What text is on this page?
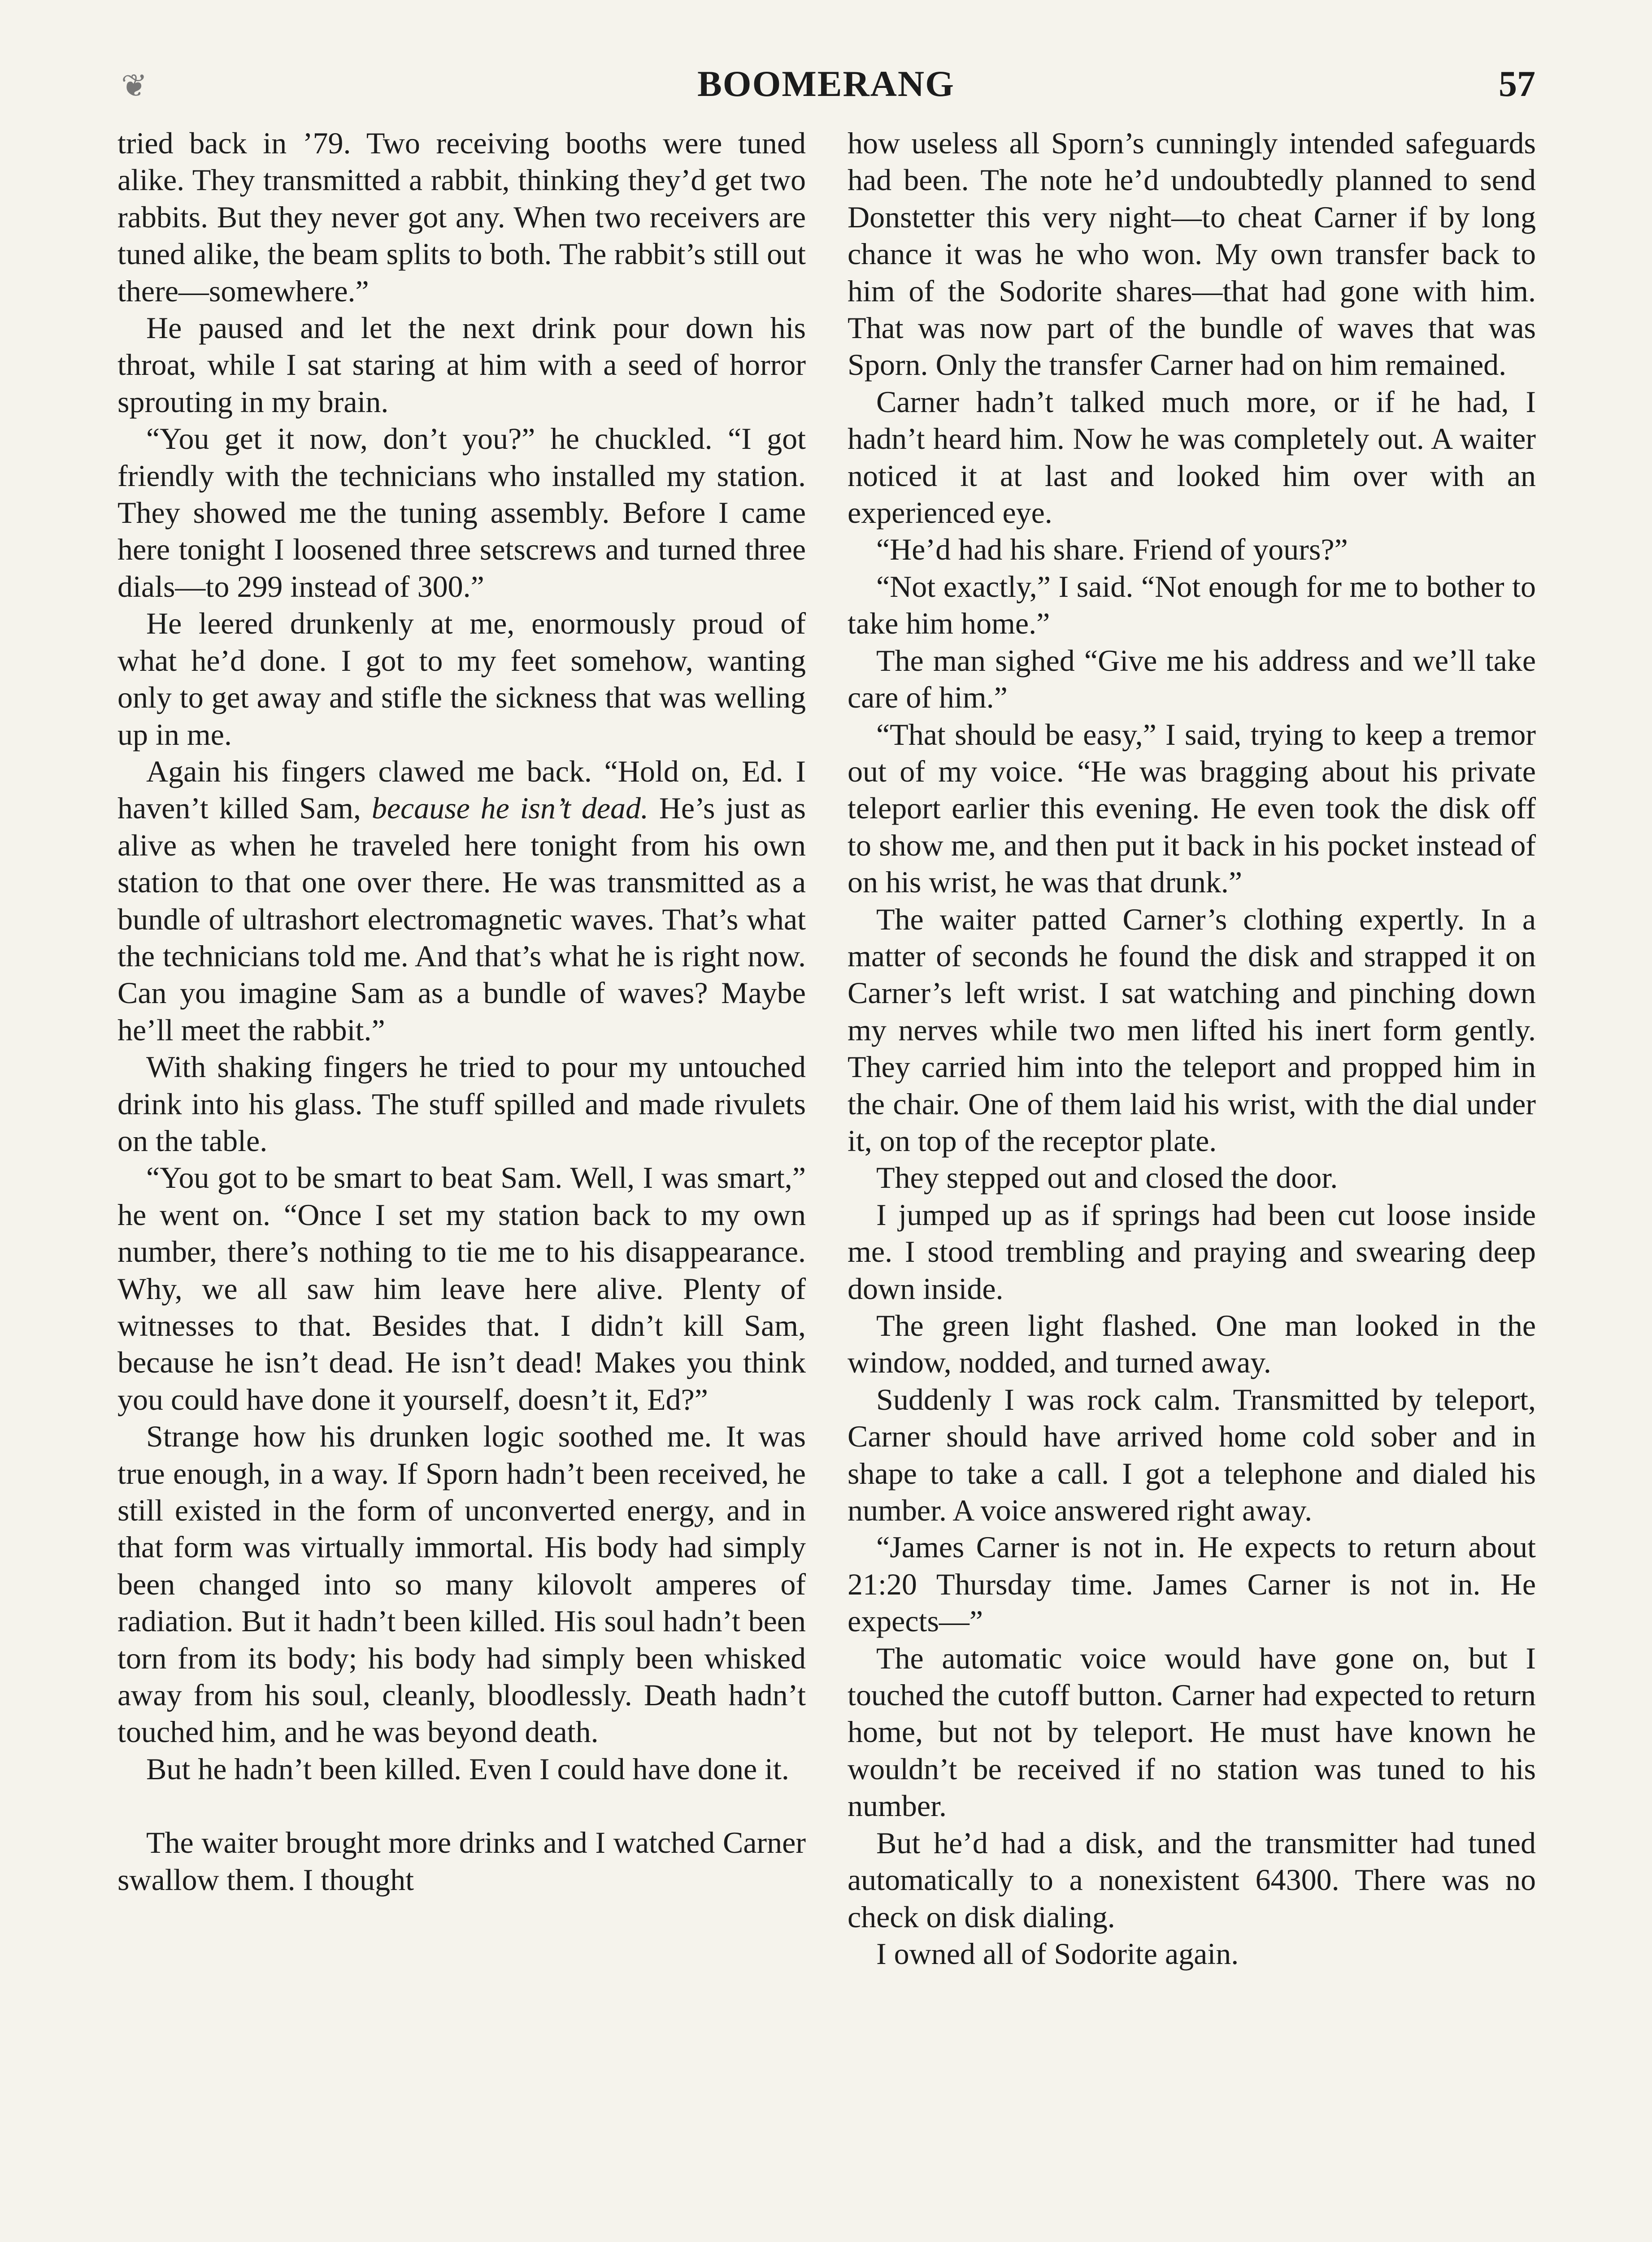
❦	BOOMERANG	57

tried back in ’79. Two receiving booths were tuned alike. They transmitted a rabbit, thinking they’d get two rabbits. But they never got any. When two receivers are tuned alike, the beam splits to both. The rabbit’s still out there—somewhere.”

He paused and let the next drink pour down his throat, while I sat staring at him with a seed of horror sprouting in my brain.

“You get it now, don’t you?” he chuckled. “I got friendly with the technicians who installed my station. They showed me the tuning assembly. Before I came here tonight I loosened three setscrews and turned three dials—to 299 instead of 300.”

He leered drunkenly at me, enormously proud of what he’d done. I got to my feet somehow, wanting only to get away and stifle the sickness that was welling up in me.

Again his fingers clawed me back. “Hold on, Ed. I haven’t killed Sam, because he isn’t dead. He’s just as alive as when he traveled here tonight from his own station to that one over there. He was transmitted as a bundle of ultrashort electromagnetic waves. That’s what the technicians told me. And that’s what he is right now. Can you imagine Sam as a bundle of waves? Maybe he’ll meet the rabbit.”

With shaking fingers he tried to pour my untouched drink into his glass. The stuff spilled and made rivulets on the table.

“You got to be smart to beat Sam. Well, I was smart,” he went on. “Once I set my station back to my own number, there’s nothing to tie me to his disappearance. Why, we all saw him leave here alive. Plenty of witnesses to that. Besides that. I didn’t kill Sam, because he isn’t dead. He isn’t dead! Makes you think you could have done it yourself, doesn’t it, Ed?”

Strange how his drunken logic soothed me. It was true enough, in a way. If Sporn hadn’t been received, he still existed in the form of unconverted energy, and in that form was virtually immortal. His body had simply been changed into so many kilovolt amperes of radiation. But it hadn’t been killed. His soul hadn’t been torn from its body; his body had simply been whisked away from his soul, cleanly, bloodlessly. Death hadn’t touched him, and he was beyond death.

But he hadn’t been killed. Even I could have done it.

The waiter brought more drinks and I watched Carner swallow them. I thought

how useless all Sporn’s cunningly intended safeguards had been. The note he’d undoubtedly planned to send Donstetter this very night—to cheat Carner if by long chance it was he who won. My own transfer back to him of the Sodorite shares—that had gone with him. That was now part of the bundle of waves that was Sporn. Only the transfer Carner had on him remained.

Carner hadn’t talked much more, or if he had, I hadn’t heard him. Now he was completely out. A waiter noticed it at last and looked him over with an experienced eye.

“He’d had his share. Friend of yours?”

“Not exactly,” I said. “Not enough for me to bother to take him home.”

The man sighed “Give me his address and we’ll take care of him.”

“That should be easy,” I said, trying to keep a tremor out of my voice. “He was bragging about his private teleport earlier this evening. He even took the disk off to show me, and then put it back in his pocket instead of on his wrist, he was that drunk.”

The waiter patted Carner’s clothing expertly. In a matter of seconds he found the disk and strapped it on Carner’s left wrist. I sat watching and pinching down my nerves while two men lifted his inert form gently. They carried him into the teleport and propped him in the chair. One of them laid his wrist, with the dial under it, on top of the receptor plate.

They stepped out and closed the door.

I jumped up as if springs had been cut loose inside me. I stood trembling and praying and swearing deep down inside.

The green light flashed. One man looked in the window, nodded, and turned away.

Suddenly I was rock calm. Transmitted by teleport, Carner should have arrived home cold sober and in shape to take a call. I got a telephone and dialed his number. A voice answered right away.

“James Carner is not in. He expects to return about 21:20 Thursday time. James Carner is not in. He expects—”

The automatic voice would have gone on, but I touched the cutoff button. Carner had expected to return home, but not by teleport. He must have known he wouldn’t be received if no station was tuned to his number.

But he’d had a disk, and the transmitter had tuned automatically to a nonexistent 64300. There was no check on disk dialing.

I owned all of Sodorite again.
